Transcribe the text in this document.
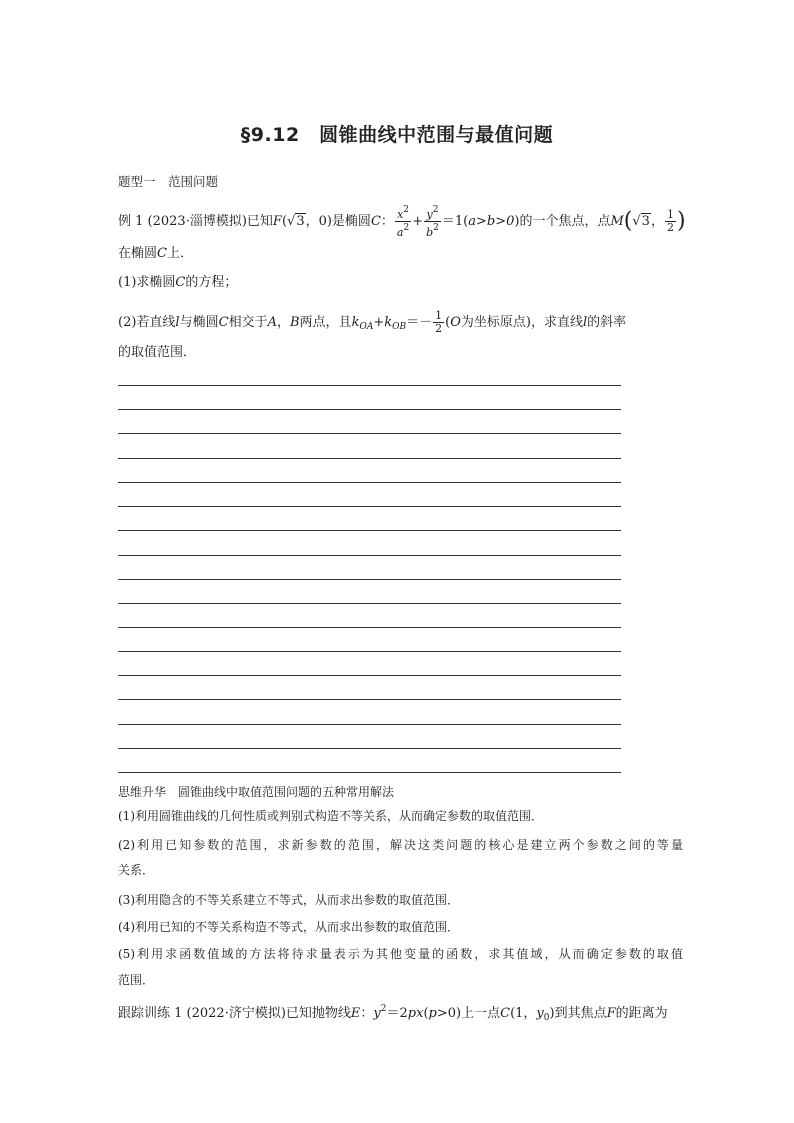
§9.12　圆锥曲线中范围与最值问题
题型一　范围问题
例 1 (2023·淄博模拟)已知F(√3，0)是椭圆C： $\frac{x^2}{a^2} + \frac{y^2}{b^2} =1(a>b>0)$的一个焦点，点M(√3， $\frac{1}{2}$ )
在椭圆C上．
(1)求椭圆C的方程；
(2)若直线l与椭圆C相交于A，B两点，且$k_{OA}+k_{OB}=- \frac{1}{2} (O$为坐标原点)，求直线l的斜率
的取值范围．
思维升华　圆锥曲线中取值范围问题的五种常用解法
(1)利用圆锥曲线的几何性质或判别式构造不等关系，从而确定参数的取值范围．
(2)利用已知参数的范围，求新参数的范围，解决这类问题的核心是建立两个参数之间的等量
关系．
(3)利用隐含的不等关系建立不等式，从而求出参数的取值范围．
(4)利用已知的不等关系构造不等式，从而求出参数的取值范围．
(5)利用求函数值域的方法将待求量表示为其他变量的函数，求其值域，从而确定参数的取值
范围．
跟踪训练 1 (2022·济宁模拟)已知抛物线E：$y^2=2px(p>0)$上一点C(1，$y_0$)到其焦点F的距离为
